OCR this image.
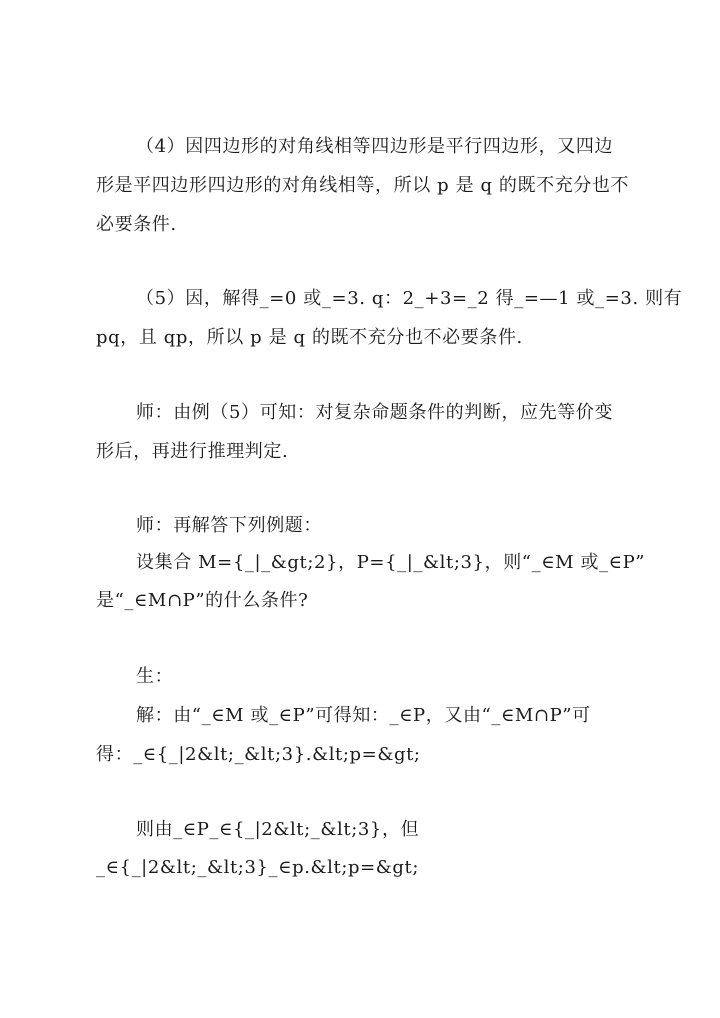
（4）因四边形的对角线相等四边形是平行四边形，又四边
形是平四边形四边形的对角线相等，所以 p 是 q 的既不充分也不
必要条件.
（5）因，解得_=0 或_=3. q：2_+3=_2 得_=—1 或_=3. 则有
pq，且 qp，所以 p 是 q 的既不充分也不必要条件.
师：由例（5）可知：对复杂命题条件的判断，应先等价变
形后，再进行推理判定.
师：再解答下列例题：
设集合 M={_|_&gt;2}，P={_|_&lt;3}，则“_∈M 或_∈P”
是“_∈M∩P”的什么条件?
生：
解：由“_∈M 或_∈P”可得知：_∈P，又由“_∈M∩P”可
得：_∈{_|2&lt;_&lt;3}.&lt;p=&gt;
则由_∈P_∈{_|2&lt;_&lt;3}，但
_∈{_|2&lt;_&lt;3}_∈p.&lt;p=&gt;
